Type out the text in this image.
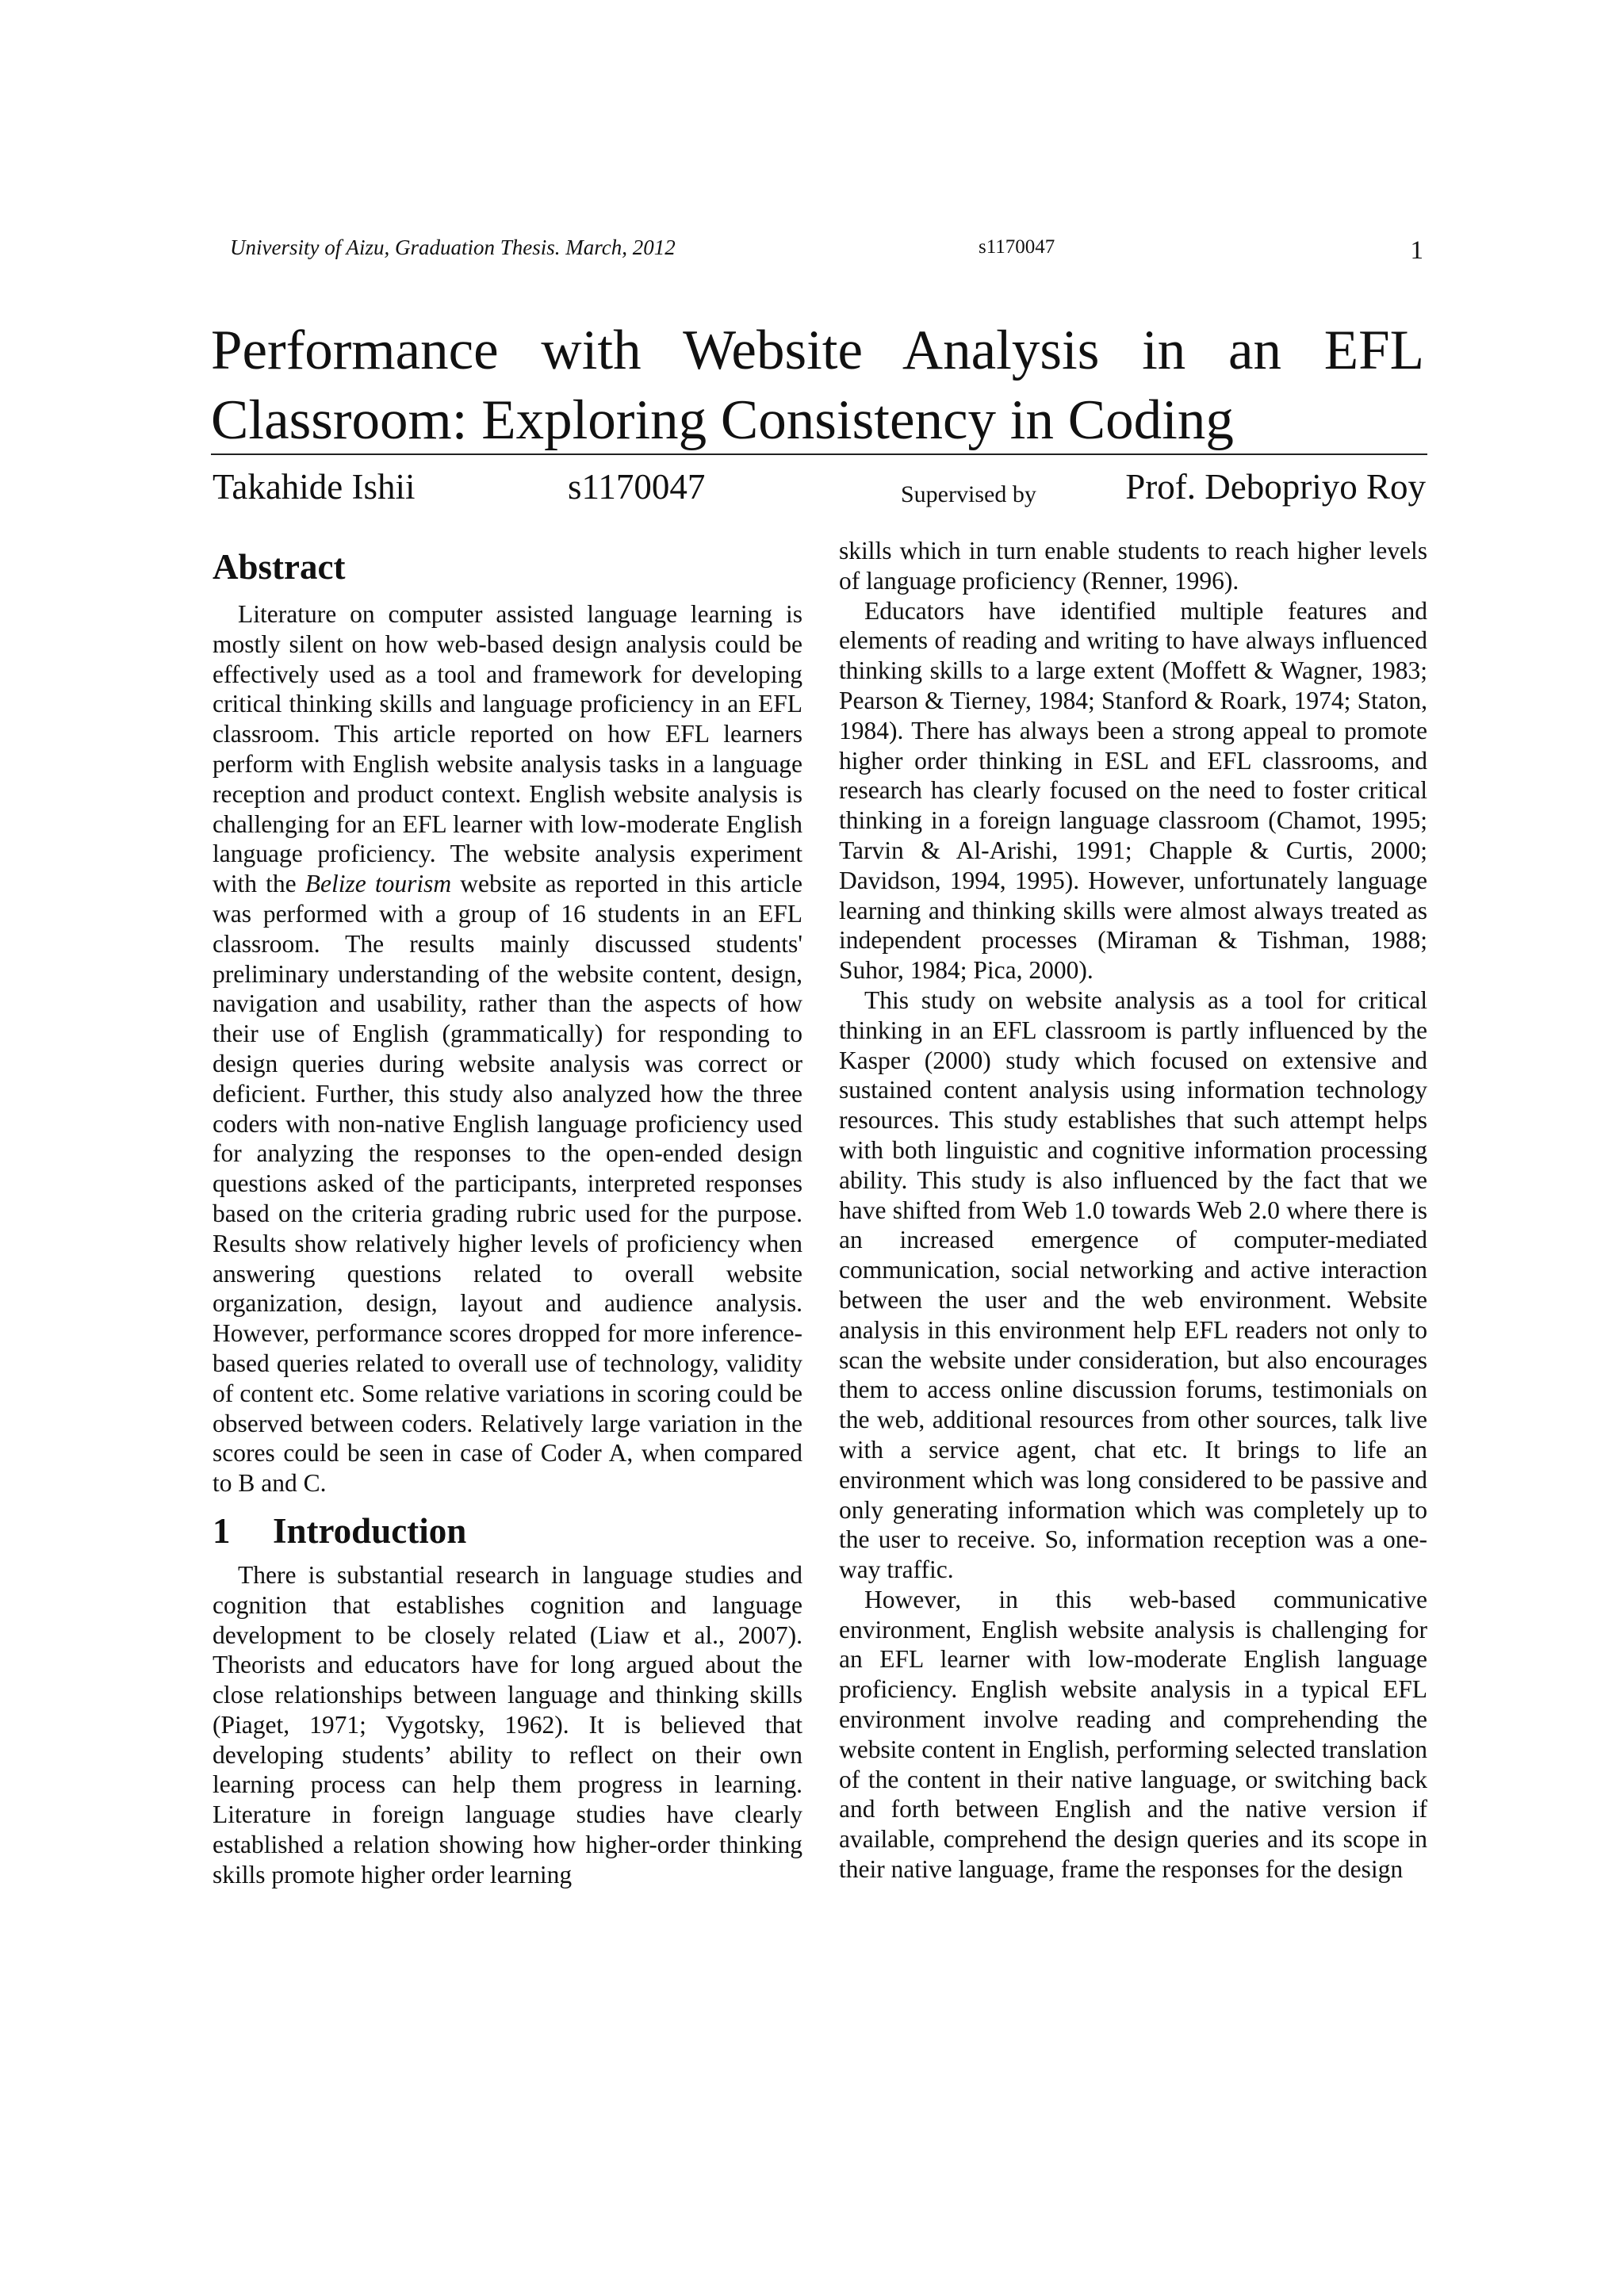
University of Aizu, Graduation Thesis. March, 2012	s1170047	1
Performance with Website Analysis in an EFL Classroom: Exploring Consistency in Coding
Takahide Ishii	s1170047	Supervised by Prof. Debopriyo Roy
Abstract

Literature on computer assisted language learning is mostly silent on how web-based design analysis could be effectively used as a tool and framework for developing critical thinking skills and language proficiency in an EFL classroom. This article reported on how EFL learners perform with English website analysis tasks in a language reception and product context. English website analysis is challenging for an EFL learner with low-moderate English language proficiency. The website analysis experiment with the Belize tourism website as reported in this article was performed with a group of 16 students in an EFL classroom. The results mainly discussed students' preliminary understanding of the website content, design, navigation and usability, rather than the aspects of how their use of English (grammatically) for responding to design queries during website analysis was correct or deficient. Further, this study also analyzed how the three coders with non-native English language proficiency used for analyzing the responses to the open-ended design questions asked of the participants, interpreted responses based on the criteria grading rubric used for the purpose. Results show relatively higher levels of proficiency when answering questions related to overall website organization, design, layout and audience analysis. However, performance scores dropped for more inference-based queries related to overall use of technology, validity of content etc. Some relative variations in scoring could be observed between coders. Relatively large variation in the scores could be seen in case of Coder A, when compared to B and C.

1 Introduction

There is substantial research in language studies and cognition that establishes cognition and language development to be closely related (Liaw et al., 2007). Theorists and educators have for long argued about the close relationships between language and thinking skills (Piaget, 1971; Vygotsky, 1962). It is believed that developing students’ ability to reflect on their own learning process can help them progress in learning. Literature in foreign language studies have clearly established a relation showing how higher-order thinking skills promote higher order learning

skills which in turn enable students to reach higher levels of language proficiency (Renner, 1996).

Educators have identified multiple features and elements of reading and writing to have always influenced thinking skills to a large extent (Moffett & Wagner, 1983; Pearson & Tierney, 1984; Stanford & Roark, 1974; Staton, 1984). There has always been a strong appeal to promote higher order thinking in ESL and EFL classrooms, and research has clearly focused on the need to foster critical thinking in a foreign language classroom (Chamot, 1995; Tarvin & Al-Arishi, 1991; Chapple & Curtis, 2000; Davidson, 1994, 1995). However, unfortunately language learning and thinking skills were almost always treated as independent processes (Miraman & Tishman, 1988; Suhor, 1984; Pica, 2000).

This study on website analysis as a tool for critical thinking in an EFL classroom is partly influenced by the Kasper (2000) study which focused on extensive and sustained content analysis using information technology resources. This study establishes that such attempt helps with both linguistic and cognitive information processing ability. This study is also influenced by the fact that we have shifted from Web 1.0 towards Web 2.0 where there is an increased emergence of computer-mediated communication, social networking and active interaction between the user and the web environment. Website analysis in this environment help EFL readers not only to scan the website under consideration, but also encourages them to access online discussion forums, testimonials on the web, additional resources from other sources, talk live with a service agent, chat etc. It brings to life an environment which was long considered to be passive and only generating information which was completely up to the user to receive. So, information reception was a one-way traffic.

However, in this web-based communicative environment, English website analysis is challenging for an EFL learner with low-moderate English language proficiency. English website analysis in a typical EFL environment involve reading and comprehending the website content in English, performing selected translation of the content in their native language, or switching back and forth between English and the native version if available, comprehend the design queries and its scope in their native language, frame the responses for the design
